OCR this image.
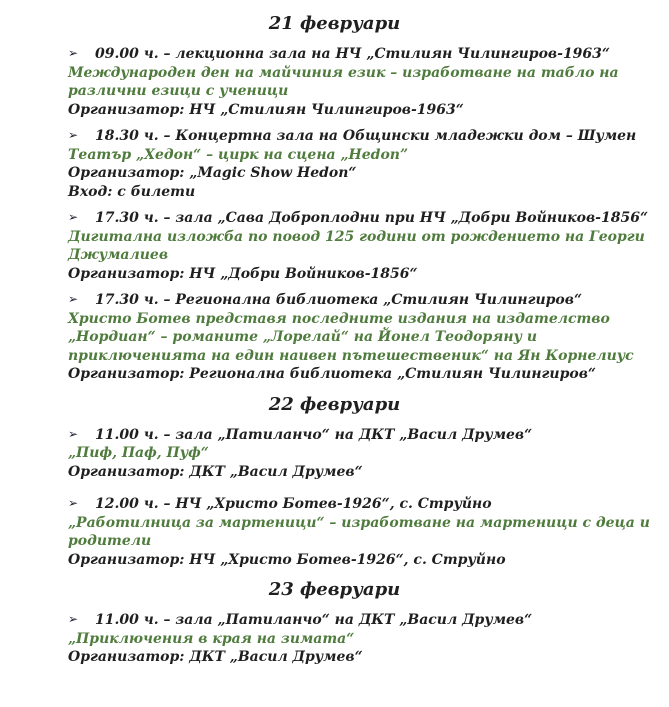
21 февруари
➢	09.00 ч. – лекционна зала на НЧ „Стилиян Чилингиров-1963“
Международен ден на майчиния език – изработване на табло на
различни езици с ученици
Организатор: НЧ „Стилиян Чилингиров-1963“
➢	18.30 ч. – Концертна зала на Общински младежки дом – Шумен
Театър „Хедон“ – цирк на сцена „Hedon”
Организатор: „Magic Show Hedon“
Вход: с билети
➢	17.30 ч. – зала „Сава Доброплодни при НЧ „Добри Войников-1856“
Дигитална изложба по повод 125 години от рождението на Георги
Джумалиев
Организатор: НЧ „Добри Войников-1856“
➢	17.30 ч. – Регионална библиотека „Стилиян Чилингиров“
Христо Ботев представя последните издания на издателство
„Нордиан“ – романите „Лорелай“ на Йонел Теодоряну и
приключенията на един наивен пътешественик“ на Ян Корнелиус
Организатор: Регионална библиотека „Стилиян Чилингиров“
22 февруари
➢	11.00 ч. – зала „Патиланчо“ на ДКТ „Васил Друмев“
„Пиф, Паф, Пуф“
Организатор: ДКТ „Васил Друмев“
➢	12.00 ч. – НЧ „Христо Ботев-1926“, с. Струйно
„Работилница за мартеници“ – изработване на мартеници с деца и
родители
Организатор: НЧ „Христо Ботев-1926“, с. Струйно
23 февруари
➢	11.00 ч. – зала „Патиланчо“ на ДКТ „Васил Друмев“
„Приключения в края на зимата“
Организатор: ДКТ „Васил Друмев“
